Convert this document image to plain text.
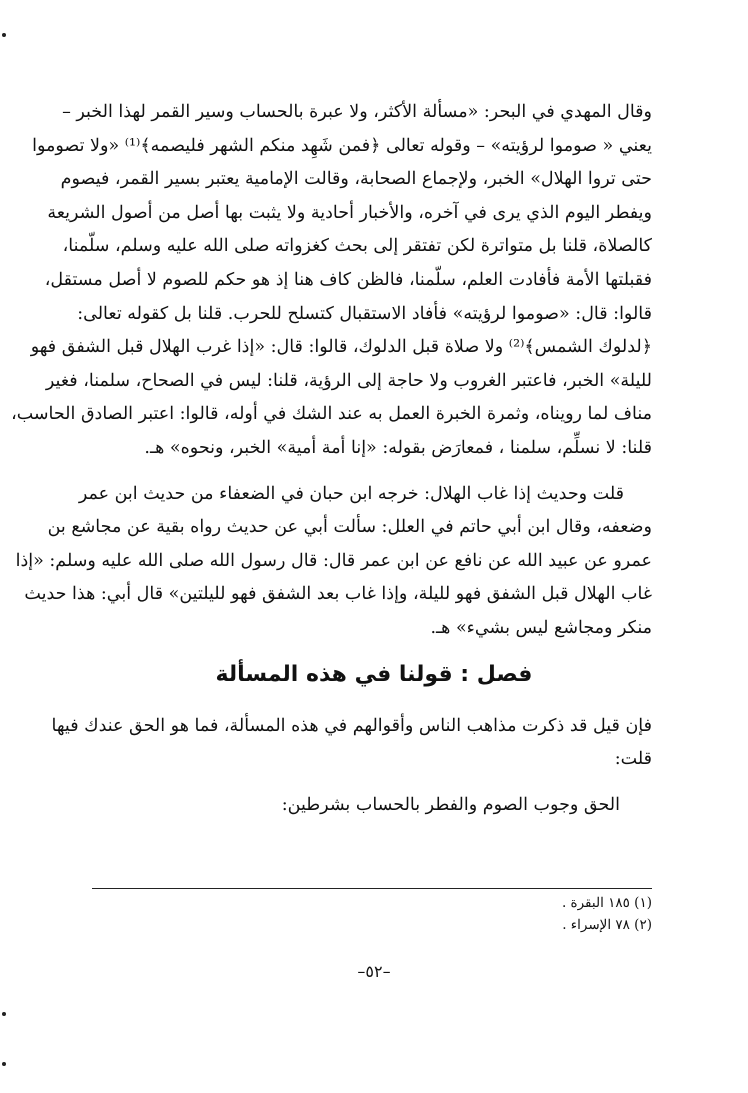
وقال المهدي في البحر: «مسألة الأكثر، ولا عبرة بالحساب وسير القمر لهذا الخبر –
يعني « صوموا لرؤيته» – وقوله تعالى ﴿فمن شَهِد منكم الشهر فليصمه﴾⁽¹⁾ «ولا تصوموا
حتى تروا الهلال» الخبر، ولإجماع الصحابة، وقالت الإمامية يعتبر بسير القمر، فيصوم
ويفطر اليوم الذي يرى في آخره، والأخبار أحادية ولا يثبت بها أصل من أصول الشريعة
كالصلاة، قلنا بل متواترة لكن تفتقر إلى بحث كغزواته صلى الله عليه وسلم، سلّمنا،
فقبلتها الأمة فأفادت العلم، سلّمنا، فالظن كاف هنا إذ هو حكم للصوم لا أصل مستقل،
قالوا: قال: «صوموا لرؤيته» فأفاد الاستقبال كتسلح للحرب. قلنا بل كقوله تعالى:
﴿لدلوك الشمس﴾⁽²⁾ ولا صلاة قبل الدلوك، قالوا: قال: «إذا غرب الهلال قبل الشفق فهو
لليلة» الخبر، فاعتبر الغروب ولا حاجة إلى الرؤية، قلنا: ليس في الصحاح، سلمنا، فغير
مناف لما رويناه، وثمرة الخبرة العمل به عند الشك في أوله، قالوا: اعتبر الصادق الحاسب،
قلنا: لا نسلِّم، سلمنا ، فمعارَض بقوله: «إنا أمة أمية» الخبر، ونحوه» هـ.
قلت وحديث إذا غاب الهلال: خرجه ابن حبان في الضعفاء من حديث ابن عمر
وضعفه، وقال ابن أبي حاتم في العلل: سألت أبي عن حديث رواه بقية عن مجاشع بن
عمرو عن عبيد الله عن نافع عن ابن عمر قال: قال رسول الله صلى الله عليه وسلم: «إذا
غاب الهلال قبل الشفق فهو لليلة، وإذا غاب بعد الشفق فهو لليلتين» قال أبي: هذا حديث
منكر ومجاشع ليس بشيء» هـ.
فصل : قولنا في هذه المسألة
فإن قيل قد ذكرت مذاهب الناس وأقوالهم في هذه المسألة، فما هو الحق عندك فيها
قلت:
الحق وجوب الصوم والفطر بالحساب بشرطين:
(١) ١٨٥ البقرة .
(٢) ٧٨ الإسراء .
–٥٢–
